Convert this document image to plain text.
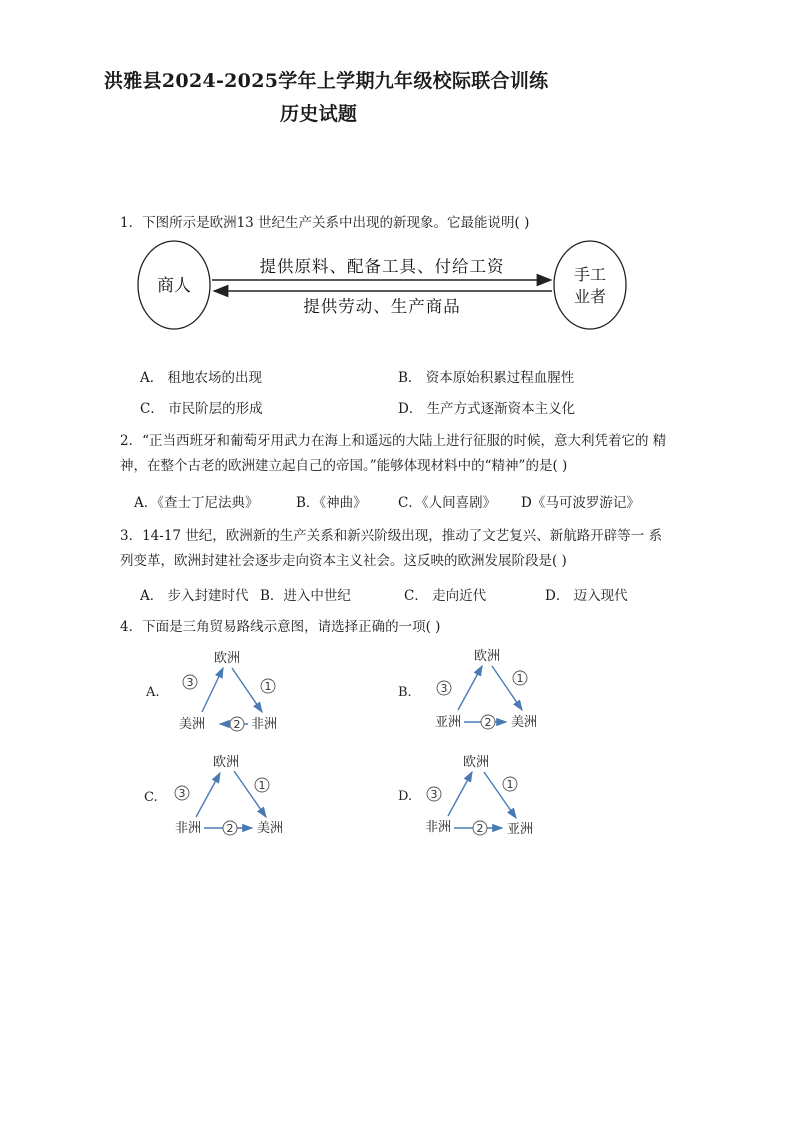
洪雅县2024-2025学年上学期九年级校际联合训练
历史试题
1．下图所示是欧洲13 世纪生产关系中出现的新现象。它最能说明( )
商人
手工
业者
提供原料、配备工具、付给工资
提供劳动、生产商品
A． 租地农场的出现	B． 资本原始积累过程血腥性
C． 市民阶层的形成	D． 生产方式逐渐资本主义化
2．“正当西班牙和葡萄牙用武力在海上和遥远的大陆上进行征服的时候，意大利凭着它的 精
神，在整个古老的欧洲建立起自己的帝国。”能够体现材料中的“精神”的是( )
A．《查士丁尼法典》	B．《神曲》 C．《人间喜剧》 D《马可波罗游记》
3．14-17 世纪，欧洲新的生产关系和新兴阶级出现，推动了文艺复兴、新航路开辟等一 系
列变革，欧洲封建社会逐步走向资本主义社会。这反映的欧洲发展阶段是( )
A． 步入封建时代 B．进入中世纪	C． 走向近代	D． 迈入现代
4．下面是三角贸易路线示意图，请选择正确的一项( )
A.
欧洲
美洲	非洲
3	1
2
B.
欧洲
亚洲	美洲
3
1
2
C.
欧洲
非洲	美洲
3
1
2
D.
欧洲
非洲	亚洲
3
1
2
